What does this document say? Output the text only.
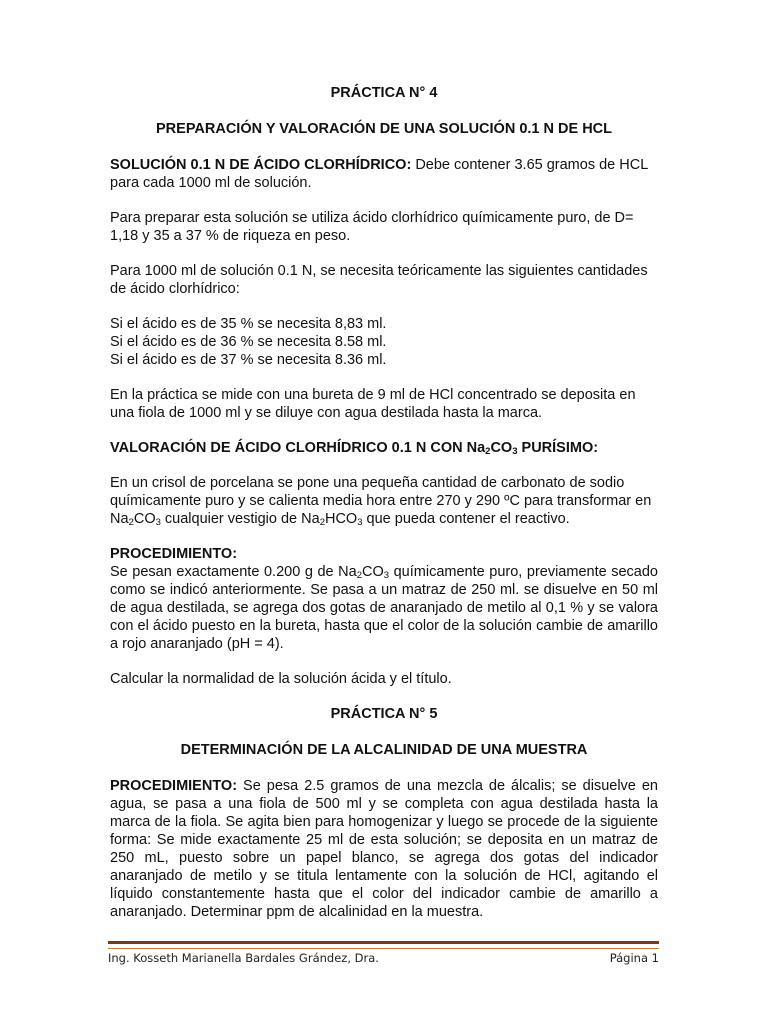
PRÁCTICA N° 4
PREPARACIÓN Y VALORACIÓN DE UNA SOLUCIÓN 0.1 N DE HCL

SOLUCIÓN 0.1 N DE ÁCIDO CLORHÍDRICO: Debe contener 3.65 gramos de HCL para cada 1000 ml de solución.

Para preparar esta solución se utiliza ácido clorhídrico químicamente puro, de D= 1,18 y 35 a 37 % de riqueza en peso.

Para 1000 ml de solución 0.1 N, se necesita teóricamente las siguientes cantidades de ácido clorhídrico:

Si el ácido es de 35 % se necesita 8,83 ml.
Si el ácido es de 36 % se necesita 8.58 ml.
Si el ácido es de 37 % se necesita 8.36 ml.

En la práctica se mide con una bureta de 9 ml de HCl concentrado se deposita en una fiola de 1000 ml y se diluye con agua destilada hasta la marca.

VALORACIÓN DE ÁCIDO CLORHÍDRICO 0.1 N CON $Na_2CO_3$ PURÍSIMO:

En un crisol de porcelana se pone una pequeña cantidad de carbonato de sodio químicamente puro y se calienta media hora entre 270 y 290 ºC para transformar en $Na_2CO_3$ cualquier vestigio de $Na_2HCO_3$ que pueda contener el reactivo.

PROCEDIMIENTO:
Se pesan exactamente 0.200 g de $Na_2CO_3$ químicamente puro, previamente secado como se indicó anteriormente. Se pasa a un matraz de 250 ml. se disuelve en 50 ml de agua destilada, se agrega dos gotas de anaranjado de metilo al 0,1 % y se valora con el ácido puesto en la bureta, hasta que el color de la solución cambie de amarillo a rojo anaranjado (pH = 4).

Calcular la normalidad de la solución ácida y el título.

PRÁCTICA N° 5
DETERMINACIÓN DE LA ALCALINIDAD DE UNA MUESTRA

PROCEDIMIENTO: Se pesa 2.5 gramos de una mezcla de álcalis; se disuelve en agua, se pasa a una fiola de 500 ml y se completa con agua destilada hasta la marca de la fiola. Se agita bien para homogenizar y luego se procede de la siguiente forma: Se mide exactamente 25 ml de esta solución; se deposita en un matraz de 250 mL, puesto sobre un papel blanco, se agrega dos gotas del indicador anaranjado de metilo y se titula lentamente con la solución de HCl, agitando el líquido constantemente hasta que el color del indicador cambie de amarillo a anaranjado. Determinar ppm de alcalinidad en la muestra.

Ing. Kosseth Marianella Bardales Grández, Dra.	Página 1
